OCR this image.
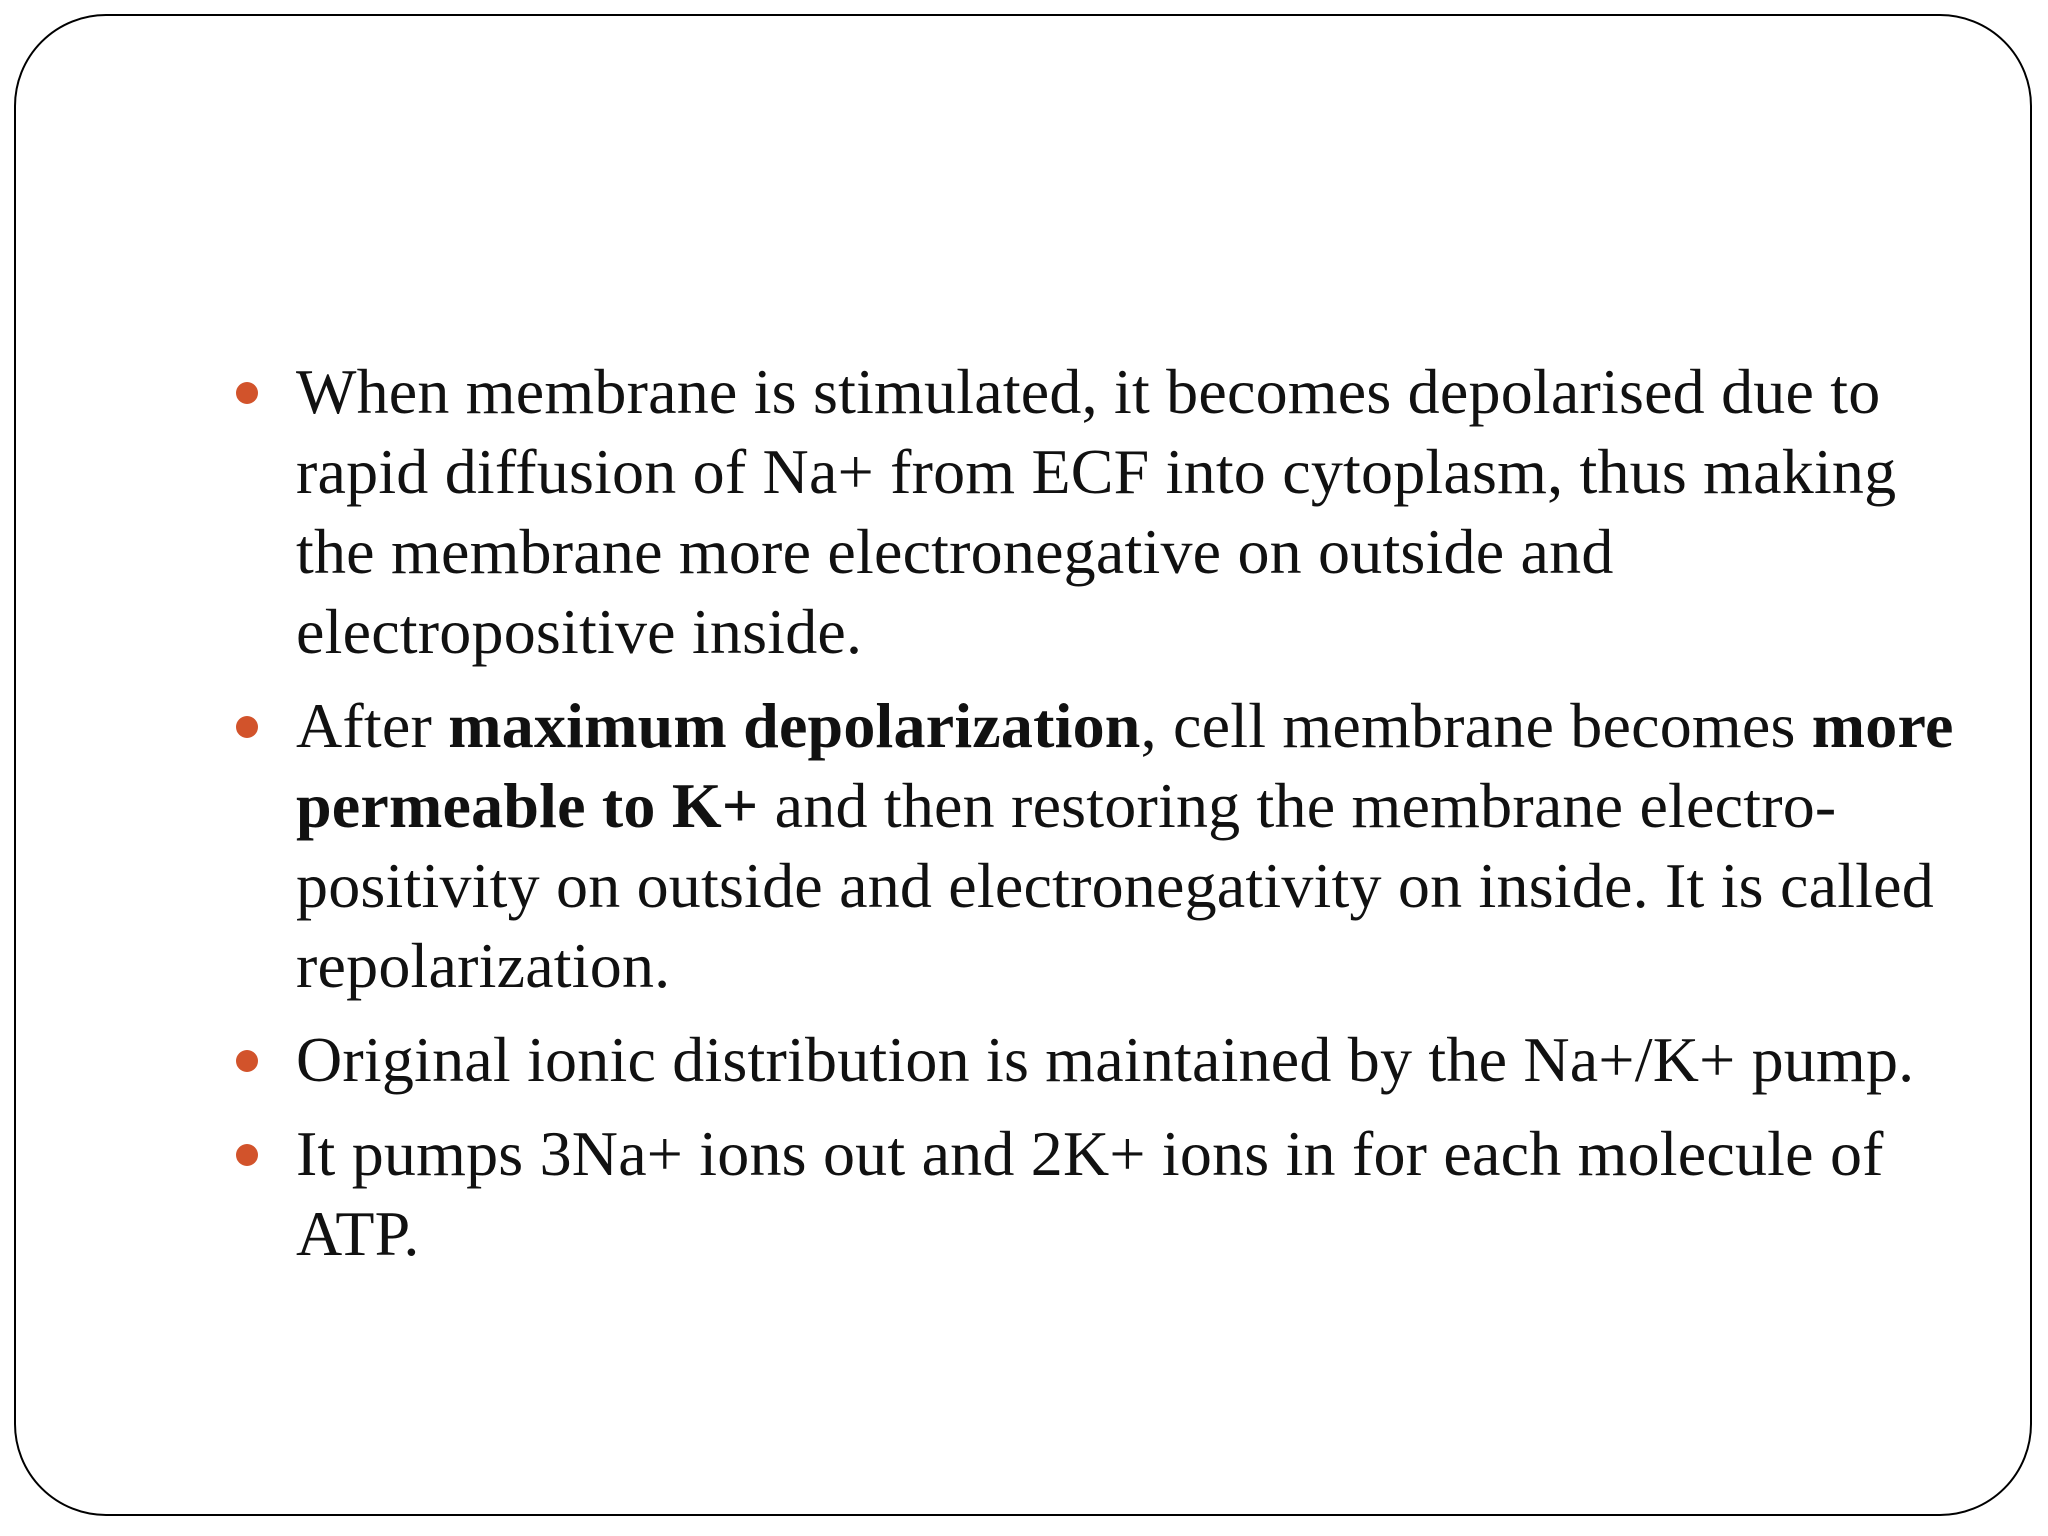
When membrane is stimulated, it becomes depolarised due to rapid diffusion of Na+ from ECF into cytoplasm, thus making the membrane more electronegative on outside and electropositive inside.
After maximum depolarization, cell membrane becomes more permeable to K+ and then restoring the membrane electro-positivity on outside and electronegativity on inside. It is called repolarization.
Original ionic distribution is maintained by the Na+/K+ pump.
It pumps 3Na+ ions out and 2K+ ions in for each molecule of ATP.
